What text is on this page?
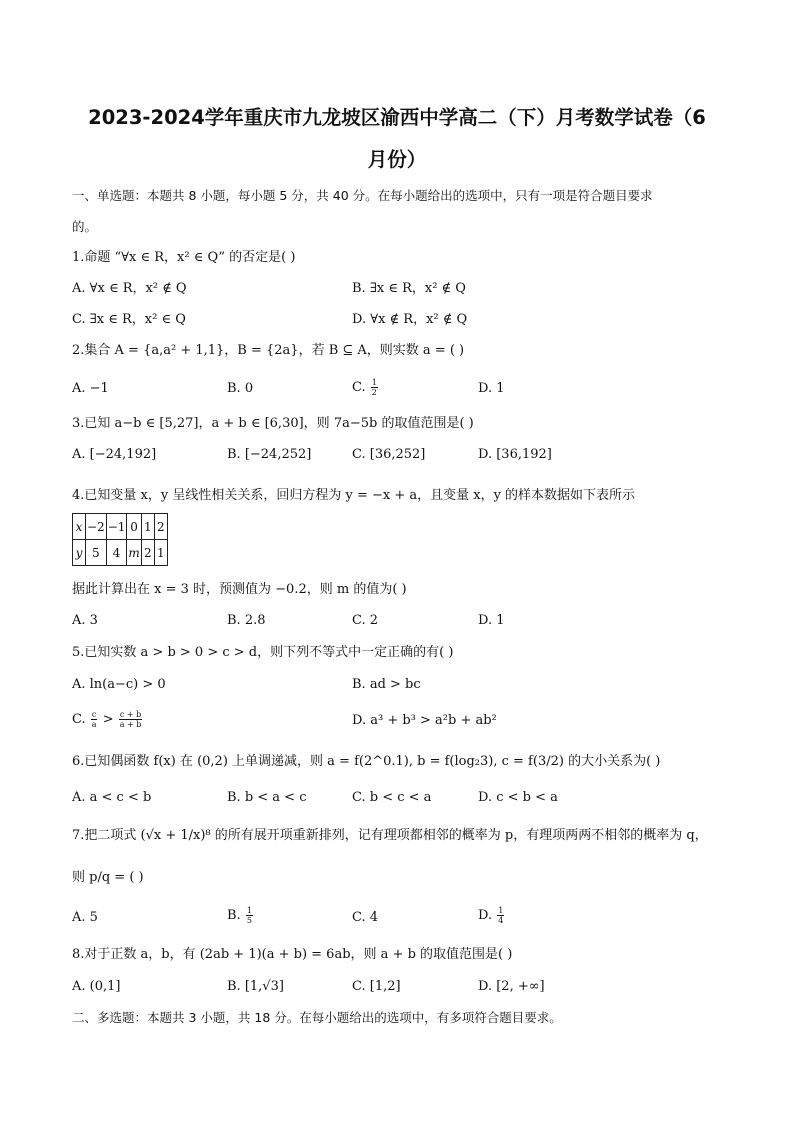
2023-2024学年重庆市九龙坡区渝西中学高二（下）月考数学试卷（6
月份）
一、单选题：本题共 8 小题，每小题 5 分，共 40 分。在每小题给出的选项中，只有一项是符合题目要求
的。
1.命题 “∀x ∈ R，x² ∈ Q” 的否定是( )
A. ∀x ∈ R，x² ∉ Q	B. ∃x ∈ R，x² ∉ Q
C. ∃x ∈ R，x² ∈ Q	D. ∀x ∉ R，x² ∉ Q
2.集合 A = {a,a² + 1,1}，B = {2a}，若 B ⊆ A，则实数 a = ( )
A. −1	B. 0	C. $\frac{1}{2}$	D. 1
3.已知 a−b ∈ [5,27]，a + b ∈ [6,30]，则 7a−5b 的取值范围是( )
A. [−24,192]	B. [−24,252]	C. [36,252]	D. [36,192]
4.已知变量 x，y 呈线性相关关系，回归方程为 y = −x + a，且变量 x，y 的样本数据如下表所示
x	−2	−1	0	1	2
y	5	4	m	2	1
据此计算出在 x = 3 时，预测值为 −0.2，则 m 的值为( )
A. 3	B. 2.8	C. 2	D. 1
5.已知实数 a > b > 0 > c > d，则下列不等式中一定正确的有( )
A. ln(a−c) > 0	B. ad > bc
C. $\frac{c}{a} > \frac{c + b}{a + b}$	D. a³ + b³ > a²b + ab²
6.已知偶函数 f(x) 在 (0,2) 上单调递减，则 a = f(2^0.1), b = f(log₂3), c = f(3/2) 的大小关系为( )
A. a < c < b	B. b < a < c	C. b < c < a	D. c < b < a
7.把二项式 (√x + 1/x)⁸ 的所有展开项重新排列，记有理项都相邻的概率为 p，有理项两两不相邻的概率为 q，
则 p/q = ( )
A. 5	B. $\frac{1}{5}$	C. 4	D. $\frac{1}{4}$
8.对于正数 a，b，有 (2ab + 1)(a + b) = 6ab，则 a + b 的取值范围是( )
A. (0,1]	B. [1,√3]	C. [1,2]	D. [2, +∞]
二、多选题：本题共 3 小题，共 18 分。在每小题给出的选项中，有多项符合题目要求。
